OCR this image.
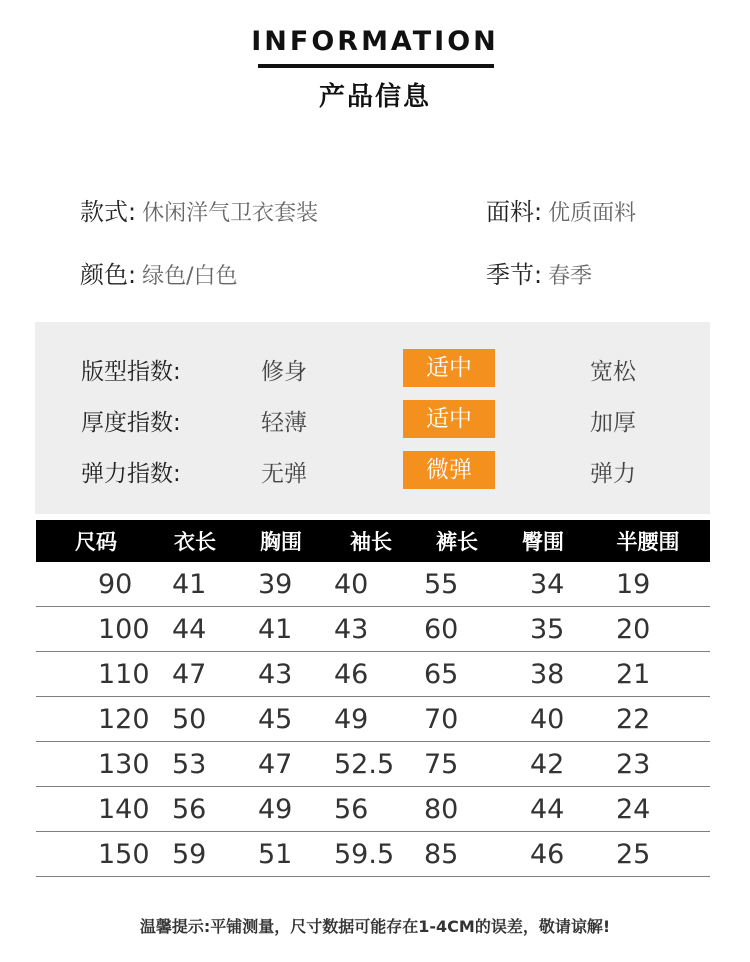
INFORMATION
产品信息
款式: 休闲洋气卫衣套装	面料: 优质面料
颜色: 绿色/白色	季节: 春季
版型指数:	修身	适中	宽松
厚度指数:	轻薄	适中	加厚
弹力指数:	无弹	微弹	弹力
尺码	衣长	胸围	袖长	裤长	臀围	半腰围
90	41	39	40	55	34	19
100	44	41	43	60	35	20
110	47	43	46	65	38	21
120	50	45	49	70	40	22
130	53	47	52.5	75	42	23
140	56	49	56	80	44	24
150	59	51	59.5	85	46	25
温馨提示:平铺测量，尺寸数据可能存在1-4CM的误差，敬请谅解!
